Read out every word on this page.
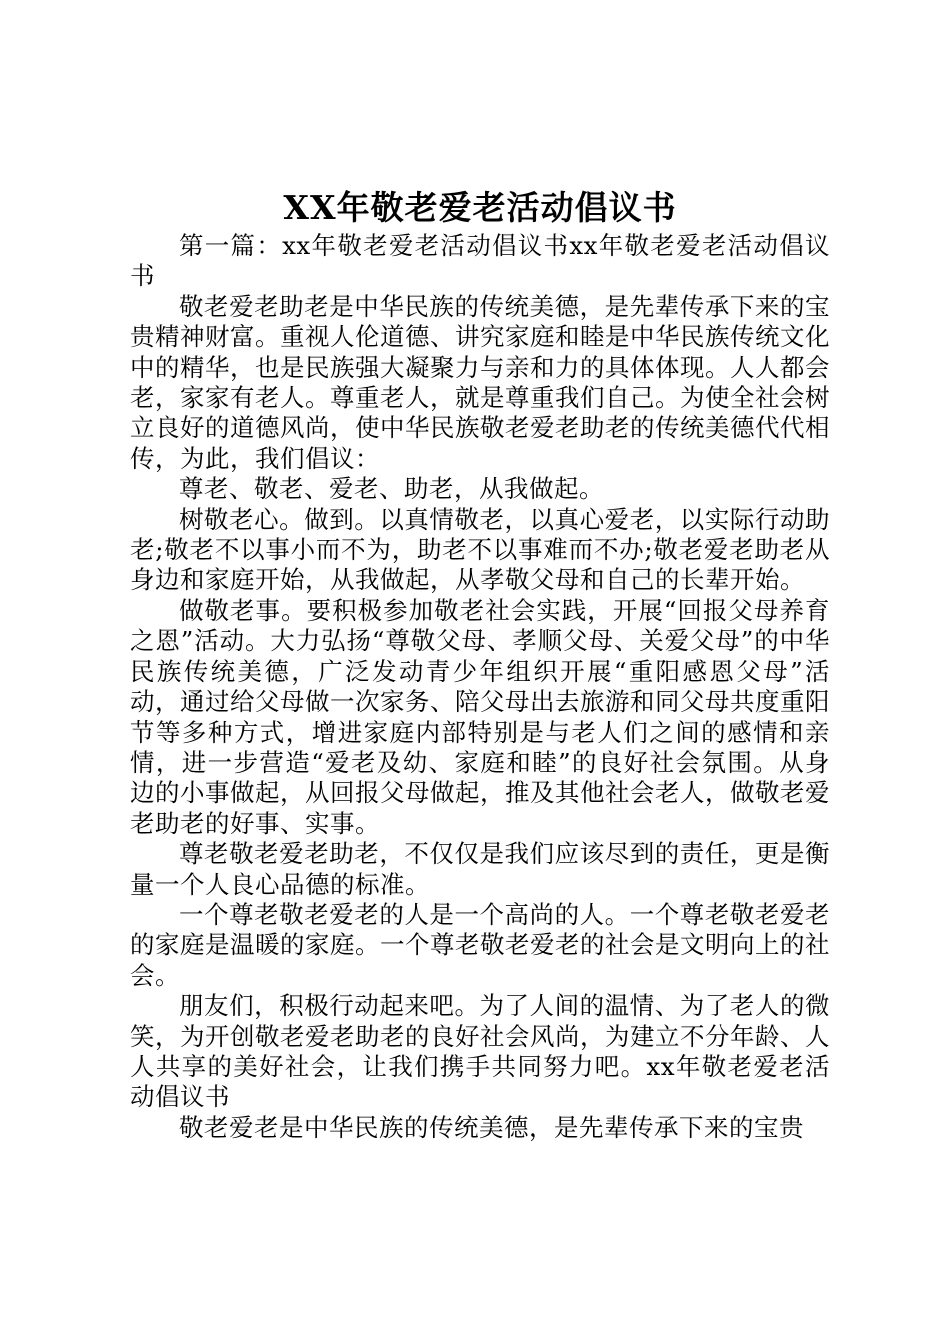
XX年敬老爱老活动倡议书

第一篇：xx年敬老爱老活动倡议书xx年敬老爱老活动倡议书

敬老爱老助老是中华民族的传统美德，是先辈传承下来的宝贵精神财富。重视人伦道德、讲究家庭和睦是中华民族传统文化中的精华，也是民族强大凝聚力与亲和力的具体体现。人人都会老，家家有老人。尊重老人，就是尊重我们自己。为使全社会树立良好的道德风尚，使中华民族敬老爱老助老的传统美德代代相传，为此，我们倡议：

尊老、敬老、爱老、助老，从我做起。

树敬老心。做到。以真情敬老，以真心爱老，以实际行动助老;敬老不以事小而不为，助老不以事难而不办;敬老爱老助老从身边和家庭开始，从我做起，从孝敬父母和自己的长辈开始。

做敬老事。要积极参加敬老社会实践，开展“回报父母养育之恩”活动。大力弘扬“尊敬父母、孝顺父母、关爱父母”的中华民族传统美德，广泛发动青少年组织开展“重阳感恩父母”活动，通过给父母做一次家务、陪父母出去旅游和同父母共度重阳节等多种方式，增进家庭内部特别是与老人们之间的感情和亲情，进一步营造“爱老及幼、家庭和睦”的良好社会氛围。从身边的小事做起，从回报父母做起，推及其他社会老人，做敬老爱老助老的好事、实事。

尊老敬老爱老助老，不仅仅是我们应该尽到的责任，更是衡量一个人良心品德的标准。

一个尊老敬老爱老的人是一个高尚的人。一个尊老敬老爱老的家庭是温暖的家庭。一个尊老敬老爱老的社会是文明向上的社会。

朋友们，积极行动起来吧。为了人间的温情、为了老人的微笑，为开创敬老爱老助老的良好社会风尚，为建立不分年龄、人人共享的美好社会，让我们携手共同努力吧。xx年敬老爱老活动倡议书

敬老爱老是中华民族的传统美德，是先辈传承下来的宝贵
